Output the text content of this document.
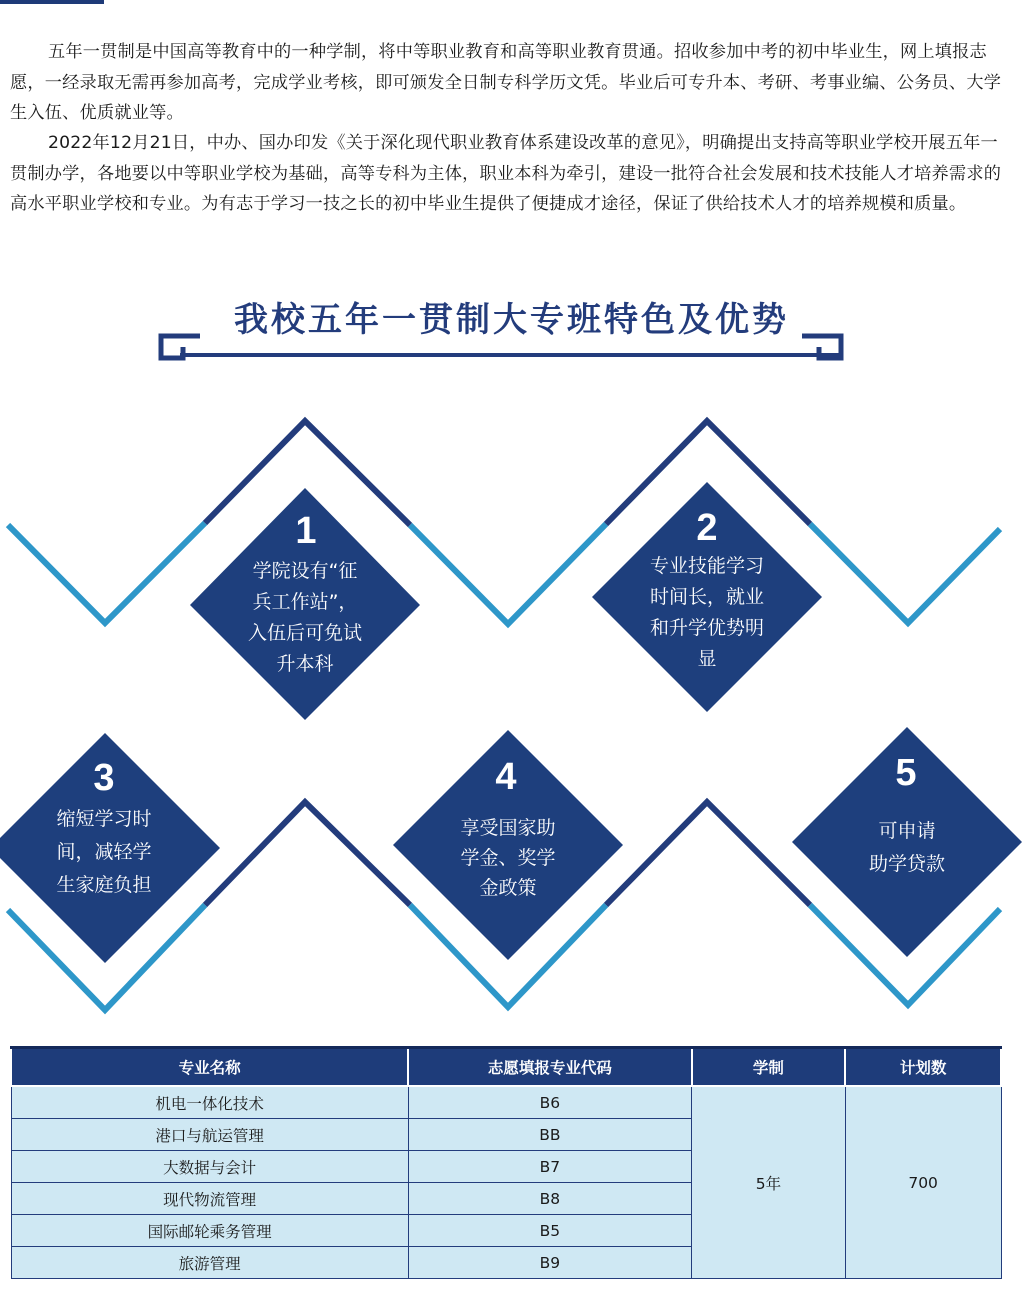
五年一贯制是中国高等教育中的一种学制，将中等职业教育和高等职业教育贯通。招收参加中考的初中毕业生，网上填报志愿，一经录取无需再参加高考，完成学业考核，即可颁发全日制专科学历文凭。毕业后可专升本、考研、考事业编、公务员、大学生入伍、优质就业等。

2022年12月21日，中办、国办印发《关于深化现代职业教育体系建设改革的意见》，明确提出支持高等职业学校开展五年一贯制办学，各地要以中等职业学校为基础，高等专科为主体，职业本科为牵引，建设一批符合社会发展和技术技能人才培养需求的高水平职业学校和专业。为有志于学习一技之长的初中毕业生提供了便捷成才途径，保证了供给技术人才的培养规模和质量。

我校五年一贯制大专班特色及优势
1
学院设有“征
兵工作站”，
入伍后可免试
升本科
2
专业技能学习
时间长，就业
和升学优势明
显
3
缩短学习时
间，减轻学
生家庭负担
4
享受国家助
学金、奖学
金政策
5
可申请
助学贷款
专业名称	志愿填报专业代码	学制	计划数
机电一体化技术	B6	5年	700
港口与航运管理	BB		
大数据与会计	B7		
现代物流管理	B8		
国际邮轮乘务管理	B5		
旅游管理	B9		
